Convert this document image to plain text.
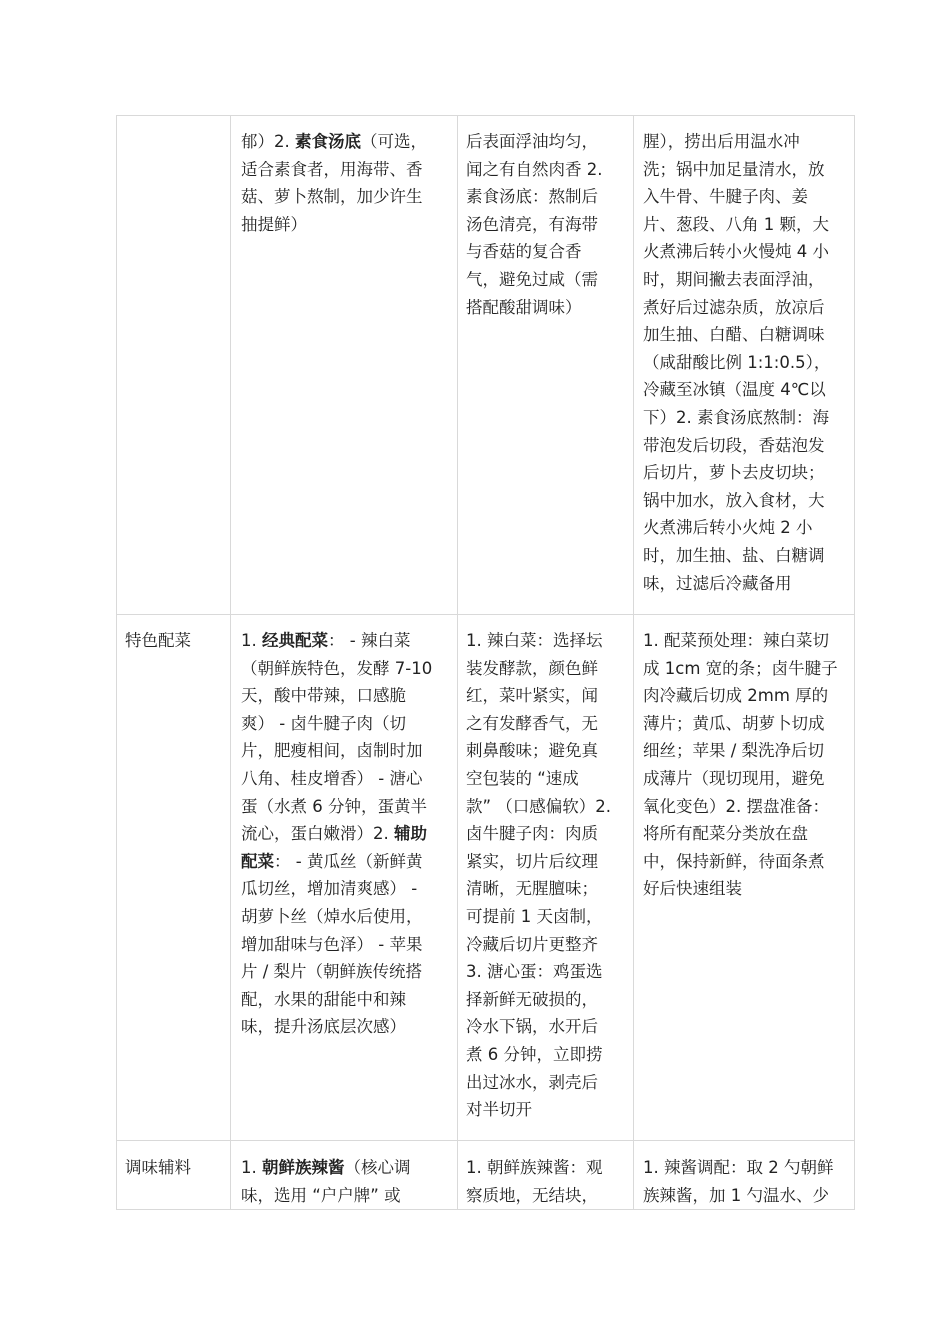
郁）2. 素食汤底（可选，
适合素食者，用海带、香
菇、萝卜熬制，加少许生
抽提鲜）
后表面浮油均匀，
闻之有自然肉香 2.
素食汤底：熬制后
汤色清亮，有海带
与香菇的复合香
气，避免过咸（需
搭配酸甜调味）
腥），捞出后用温水冲
洗；锅中加足量清水，放
入牛骨、牛腱子肉、姜
片、葱段、八角 1 颗，大
火煮沸后转小火慢炖 4 小
时，期间撇去表面浮油，
煮好后过滤杂质，放凉后
加生抽、白醋、白糖调味
（咸甜酸比例 1:1:0.5），
冷藏至冰镇（温度 4℃以
下）2. 素食汤底熬制：海
带泡发后切段，香菇泡发
后切片，萝卜去皮切块；
锅中加水，放入食材，大
火煮沸后转小火炖 2 小
时，加生抽、盐、白糖调
味，过滤后冷藏备用
特色配菜	1. 经典配菜： - 辣白菜
（朝鲜族特色，发酵 7-10
天，酸中带辣，口感脆
爽） - 卤牛腱子肉（切
片，肥瘦相间，卤制时加
八角、桂皮增香） - 溏心
蛋（水煮 6 分钟，蛋黄半
流心，蛋白嫩滑）2. 辅助
配菜： - 黄瓜丝（新鲜黄
瓜切丝，增加清爽感） -
胡萝卜丝（焯水后使用，
增加甜味与色泽） - 苹果
片 / 梨片（朝鲜族传统搭
配，水果的甜能中和辣
味，提升汤底层次感）
1. 辣白菜：选择坛
装发酵款，颜色鲜
红，菜叶紧实，闻
之有发酵香气，无
刺鼻酸味；避免真
空包装的 “速成
款” （口感偏软）2.
卤牛腱子肉：肉质
紧实，切片后纹理
清晰，无腥膻味；
可提前 1 天卤制，
冷藏后切片更整齐
3. 溏心蛋：鸡蛋选
择新鲜无破损的，
冷水下锅，水开后
煮 6 分钟，立即捞
出过冰水，剥壳后
对半切开
1. 配菜预处理：辣白菜切
成 1cm 宽的条；卤牛腱子
肉冷藏后切成 2mm 厚的
薄片；黄瓜、胡萝卜切成
细丝；苹果 / 梨洗净后切
成薄片（现切现用，避免
氧化变色）2. 摆盘准备：
将所有配菜分类放在盘
中，保持新鲜，待面条煮
好后快速组装
调味辅料	1. 朝鲜族辣酱（核心调
味，选用 “户户牌” 或
1. 朝鲜族辣酱：观
察质地，无结块，
1. 辣酱调配：取 2 勺朝鲜
族辣酱，加 1 勺温水、少
